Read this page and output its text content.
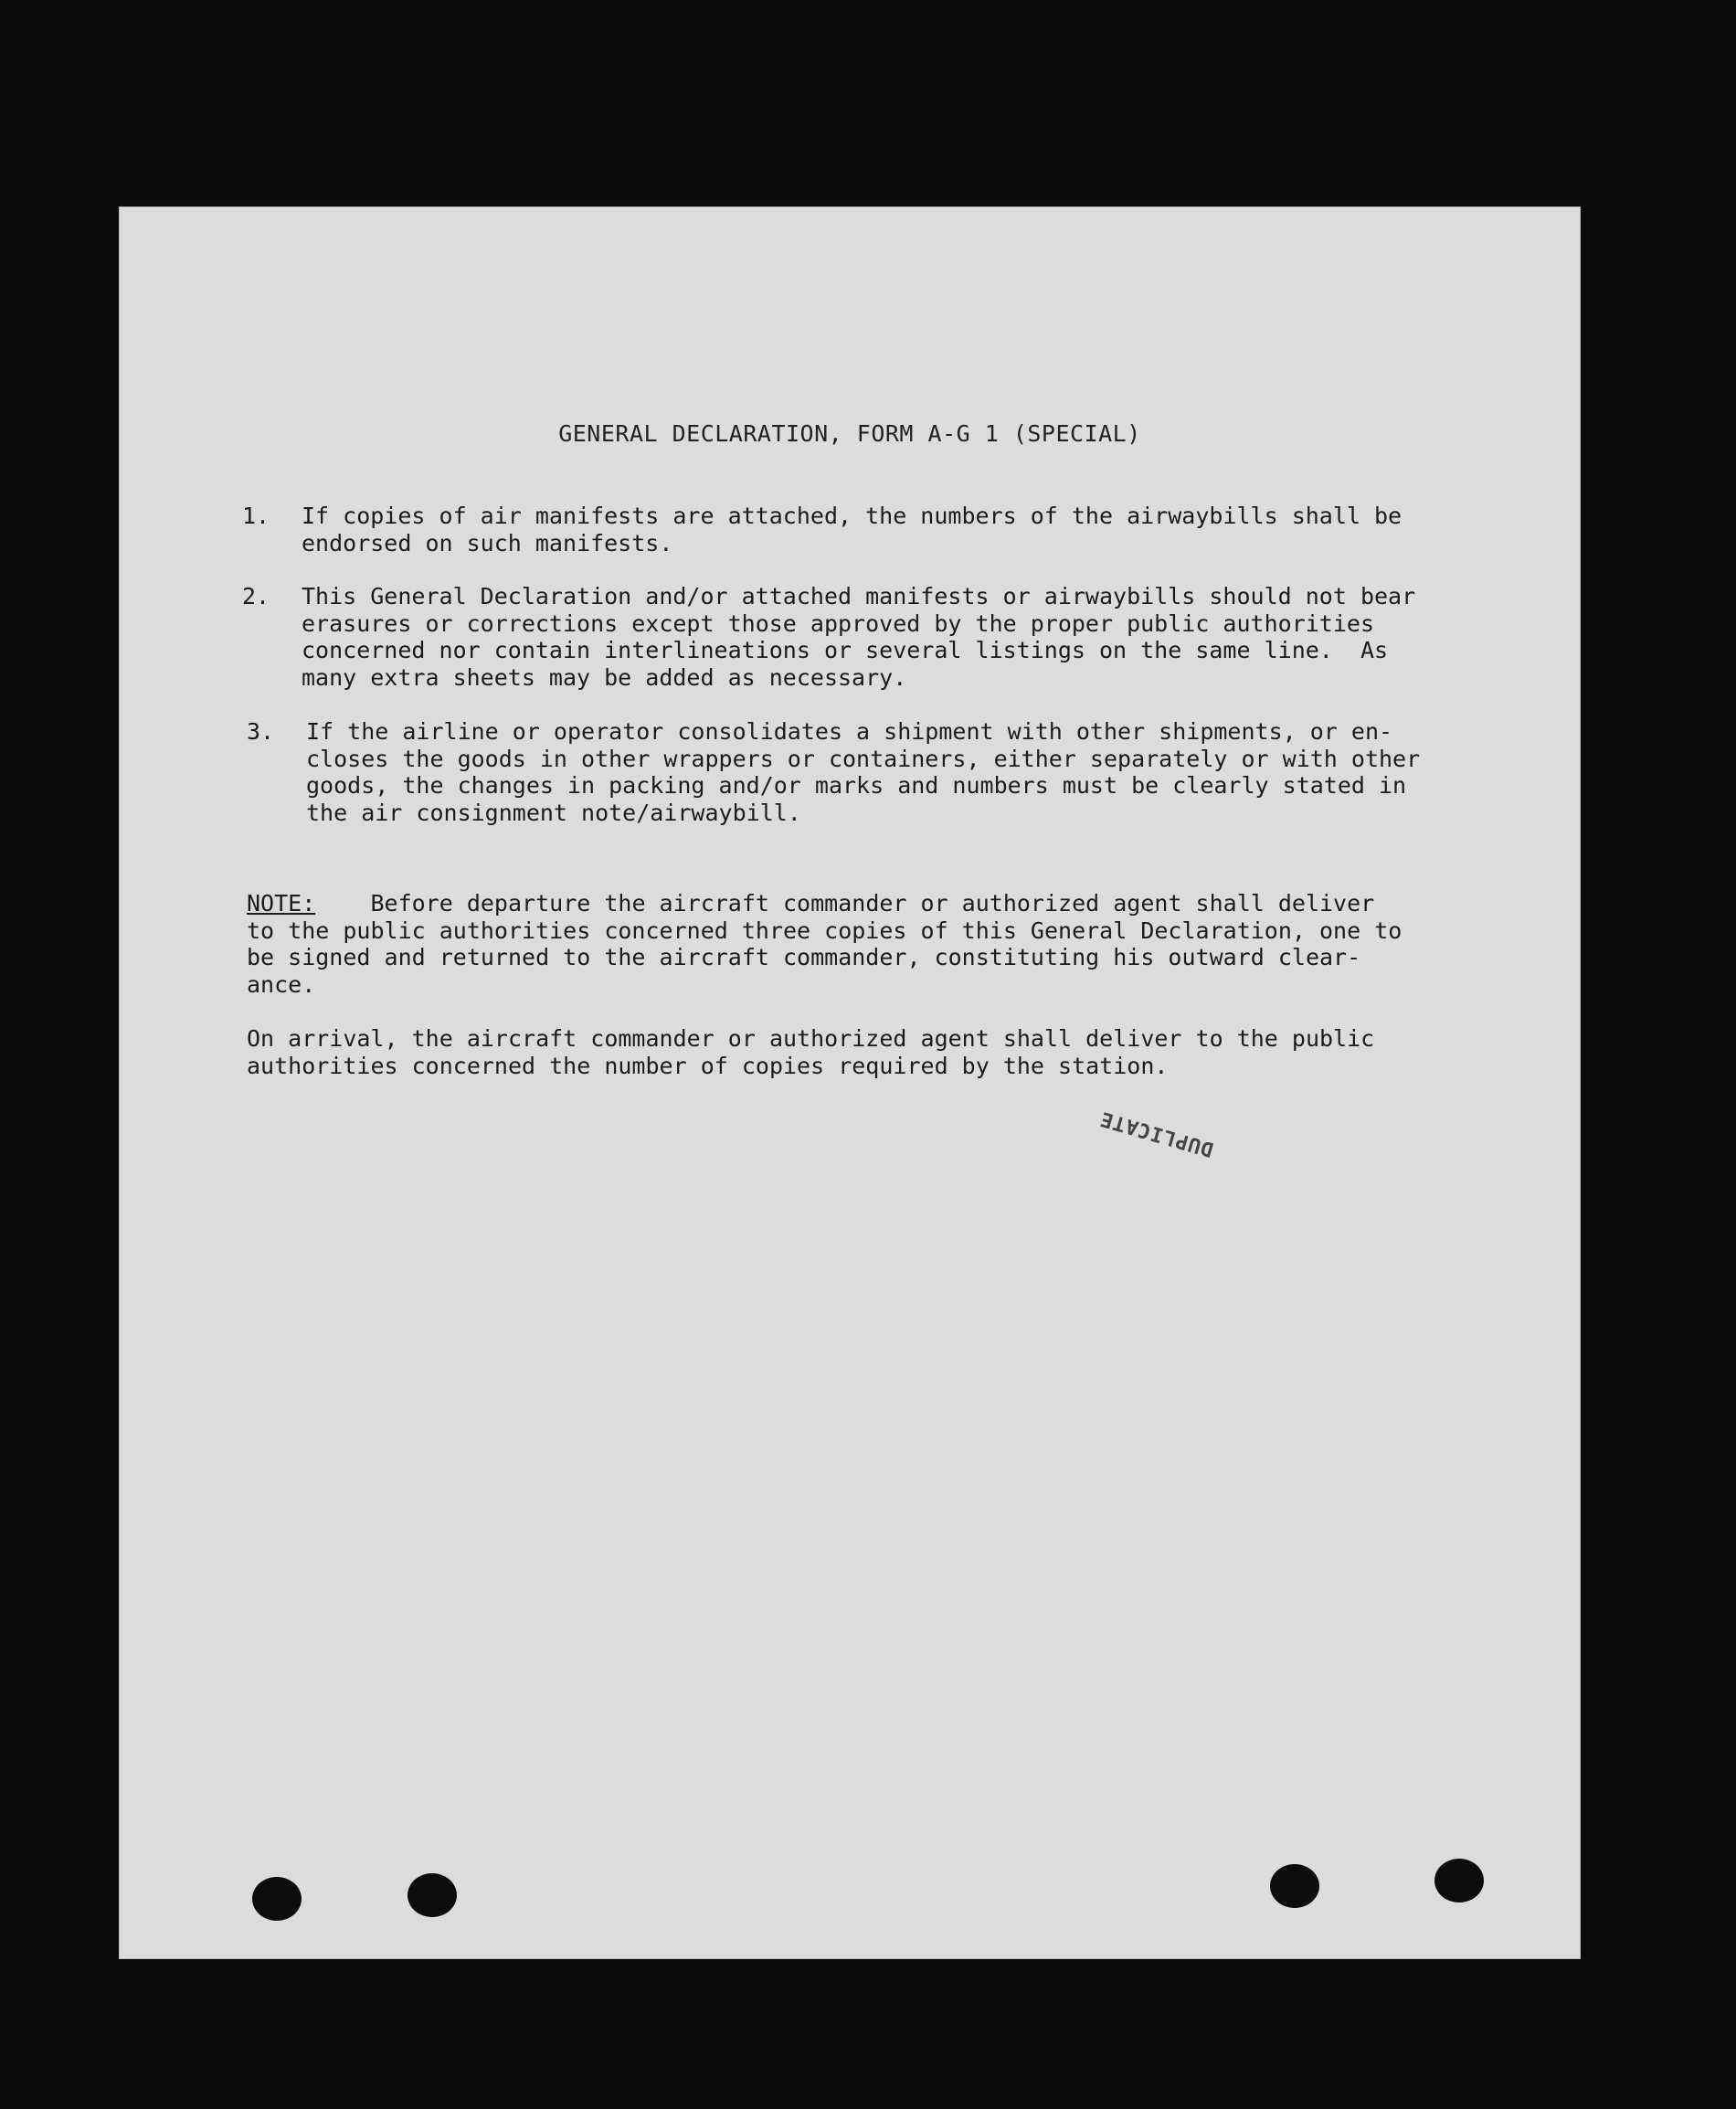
GENERAL DECLARATION, FORM A-G 1 (SPECIAL)
1.	If copies of air manifests are attached, the numbers of the airwaybills shall be
endorsed on such manifests.
2.	This General Declaration and/or attached manifests or airwaybills should not bear
erasures or corrections except those approved by the proper public authorities
concerned nor contain interlineations or several listings on the same line.  As
many extra sheets may be added as necessary.
3.	If the airline or operator consolidates a shipment with other shipments, or en-
closes the goods in other wrappers or containers, either separately or with other
goods, the changes in packing and/or marks and numbers must be clearly stated in
the air consignment note/airwaybill.
NOTE:    Before departure the aircraft commander or authorized agent shall deliver
to the public authorities concerned three copies of this General Declaration, one to
be signed and returned to the aircraft commander, constituting his outward clear-
ance.
On arrival, the aircraft commander or authorized agent shall deliver to the public
authorities concerned the number of copies required by the station.
DUPLICATE
